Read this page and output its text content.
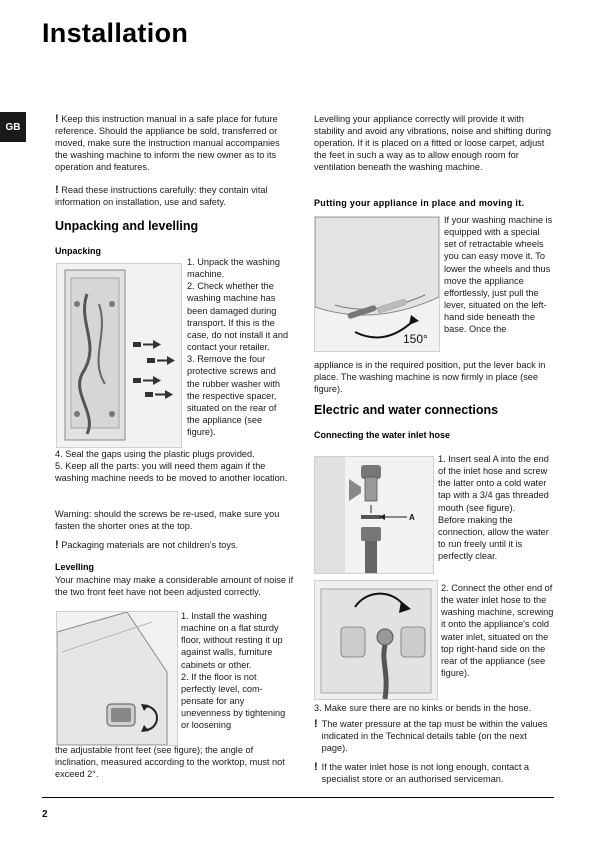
Installation
GB
! Keep this instruction manual in a safe place for future reference. Should the appliance be sold, transferred or moved, make sure the instruction manual accompanies the washing machine to inform the new owner as to its operation and features.
! Read these instructions carefully: they contain vital information on installation, use and safety.
Unpacking and levelling
Unpacking
1. Unpack the washing machine.
2. Check whether the washing machine has been damaged during transport. If this is the case, do not install it and contact your retailer.
3. Remove the four protective screws and the rubber washer with the respective spacer, situated on the rear of the appliance (see figure).
4. Seal the gaps using the plastic plugs provided.
5. Keep all the parts: you will need them again if the washing machine needs to be moved to another location.
Warning: should the screws be re-used, make sure you fasten the shorter ones at the top.
! Packaging materials are not children's toys.
Levelling
Your machine may make a considerable amount of noise if the two front feet have not been adjusted correctly.
1. Install the washing machine on a flat sturdy floor, without resting it up against walls, furniture cabinets or other.
2. If the floor is not perfectly level, com-pensate for any unevenness by tightening or loosening
the adjustable front feet (see figure); the angle of inclination, measured according to the worktop, must not exceed 2°.
Levelling your appliance correctly will provide it with stability and avoid any vibrations, noise and shifting during operation. If it is placed on a fitted or loose carpet, adjust the feet in such a way as to allow enough room for ventilation beneath the washing machine.
Putting your appliance in place and moving it.
150°
If your washing machine is equipped with a special set of retractable wheels you can easy move it. To lower the wheels and thus move the appliance effortlessly, just pull the lever, situated on the left-hand side beneath the base. Once the
appliance is in the required position, put the lever back in place. The washing machine is now firmly in place (see figure).
Electric and water connections
Connecting the water inlet hose
A
1. Insert seal A into the end of the inlet hose and screw the latter onto a cold water tap with a 3/4 gas threaded mouth (see figure).
Before making the connection, allow the water to run freely until it is perfectly clear.
2. Connect the other end of the water inlet hose to the washing machine, screwing it onto the appliance's cold water inlet, situated on the top right-hand side on the rear of the appliance (see figure).
3. Make sure there are no kinks or bends in the hose.
! The water pressure at the tap must be within the values indicated in the Technical details table (on the next page).
! If the water inlet hose is not long enough, contact a specialist store or an authorised serviceman.
2
